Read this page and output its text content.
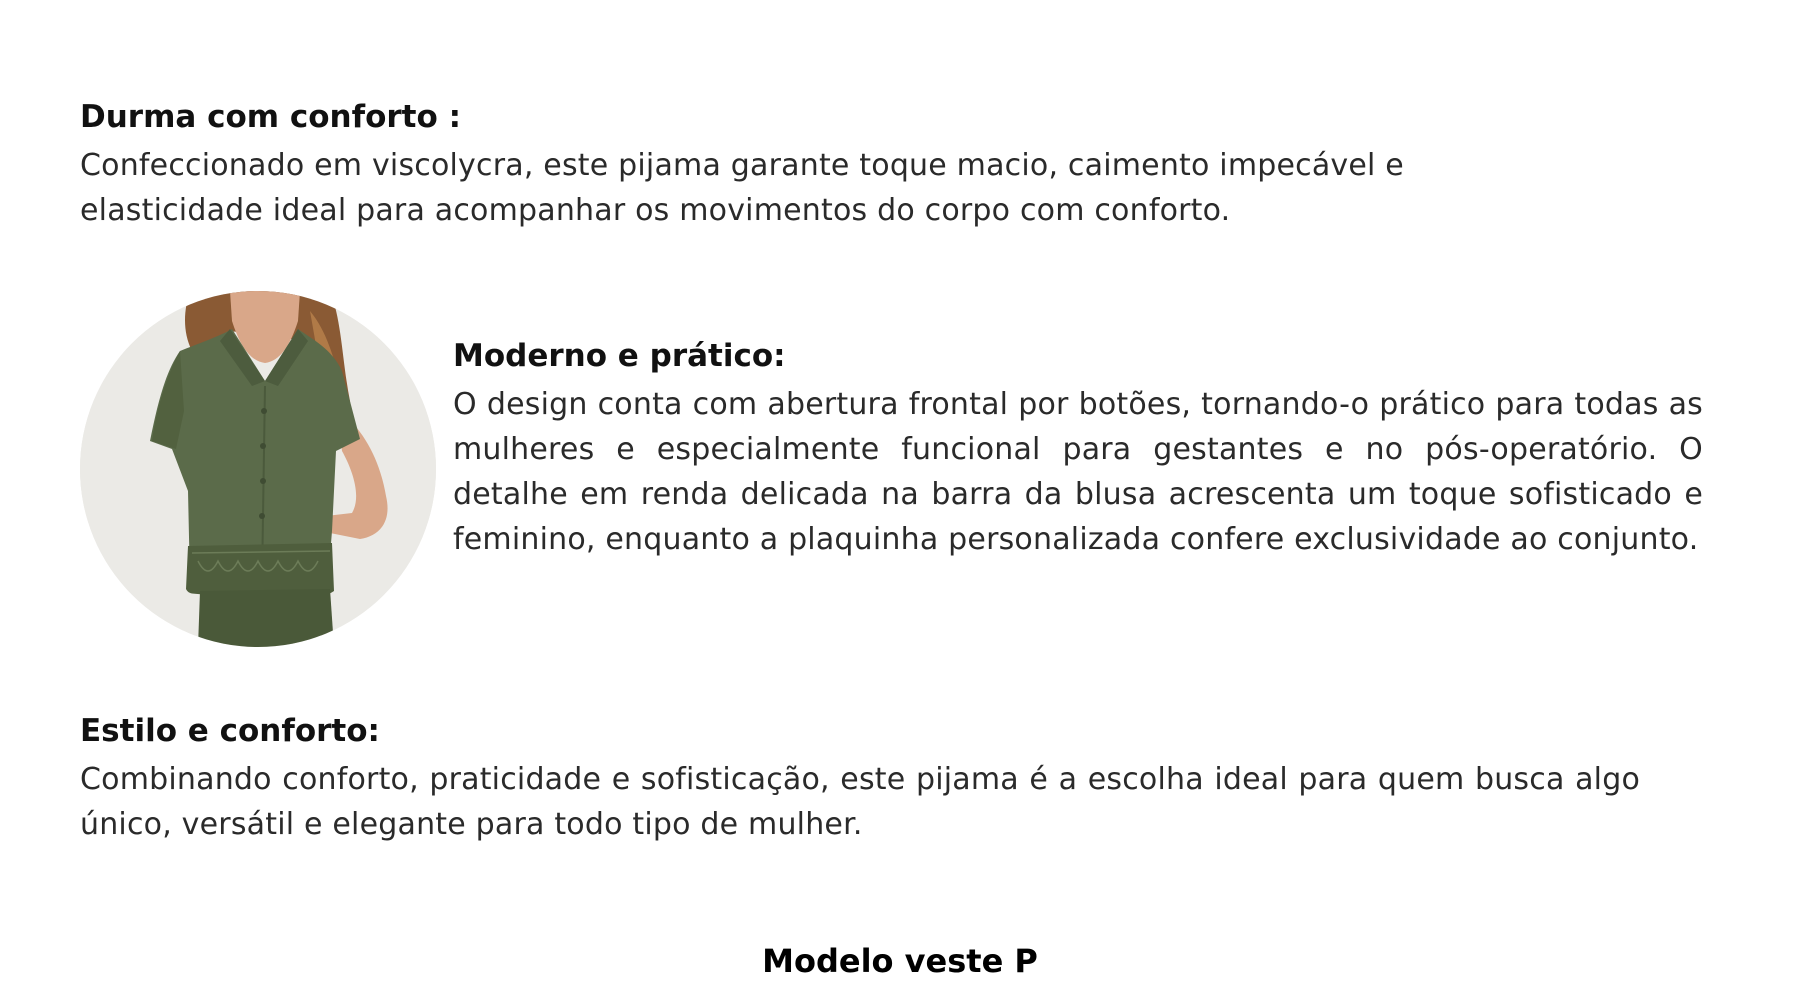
Durma com conforto :

Confeccionado em viscolycra, este pijama garante toque macio, caimento impecável e elasticidade ideal para acompanhar os movimentos do corpo com conforto.

Moderno e prático:

O design conta com abertura frontal por botões, tornando-o prático para todas as mulheres e especialmente funcional para gestantes e no pós-operatório. O detalhe em renda delicada na barra da blusa acrescenta um toque sofisticado e feminino, enquanto a plaquinha personalizada confere exclusividade ao conjunto.

Estilo e conforto:

Combinando conforto, praticidade e sofisticação, este pijama é a escolha ideal para quem busca algo único, versátil e elegante para todo tipo de mulher.

Modelo veste P
